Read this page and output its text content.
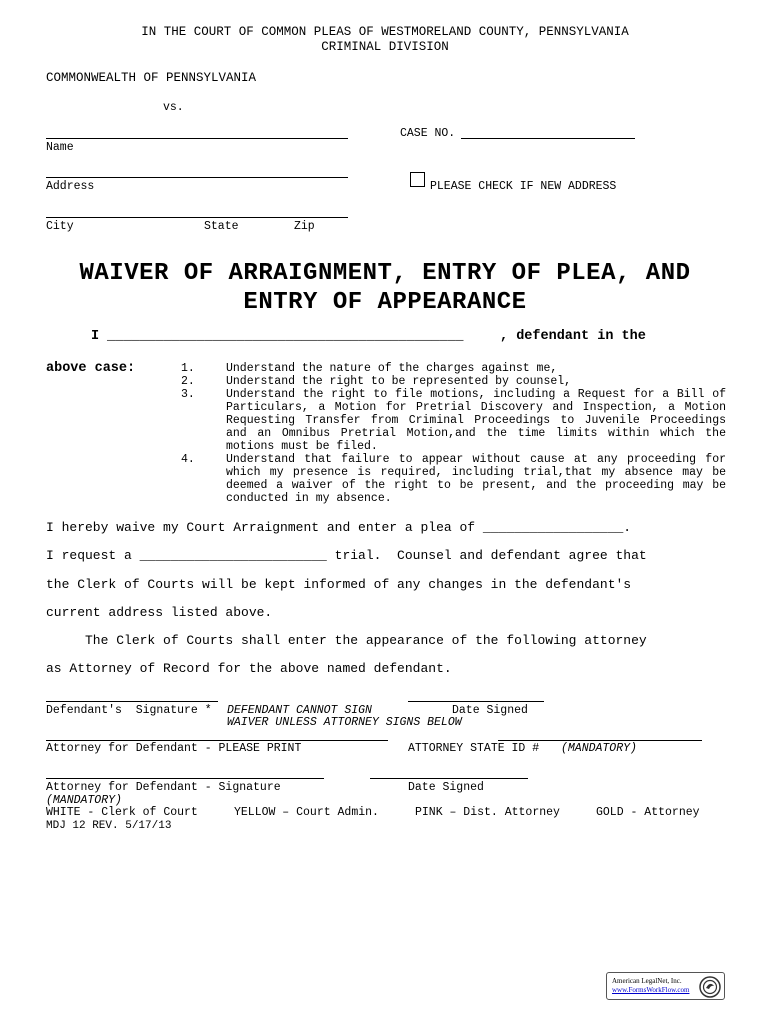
IN THE COURT OF COMMON PLEAS OF WESTMORELAND COUNTY, PENNSYLVANIA
CRIMINAL DIVISION
COMMONWEALTH OF PENNSYLVANIA
vs.
Name
CASE NO.
Address	PLEASE CHECK IF NEW ADDRESS
City	State	Zip
WAIVER OF ARRAIGNMENT, ENTRY OF PLEA, AND
ENTRY OF APPEARANCE
I ____________________________________________	, defendant in the
above case:	1.	Understand the nature of the charges against me,
2.	Understand the right to be represented by counsel,
3.	Understand the right to file motions, including a Request for a Bill of Particulars, a Motion for Pretrial Discovery and Inspection, a Motion Requesting Transfer from Criminal Proceedings to Juvenile Proceedings and an Omnibus Pretrial Motion,and the time limits within which the motions must be filed.
4.	Understand that failure to appear without cause at any proceeding for which my presence is required, including trial,that my absence may be deemed a waiver of the right to be present, and the proceeding may be conducted in my absence.
I hereby waive my Court Arraignment and enter a plea of __________________.
I request a ________________________ trial.  Counsel and defendant agree that
the Clerk of Courts will be kept informed of any changes in the defendant's
current address listed above.
The Clerk of Courts shall enter the appearance of the following attorney
as Attorney of Record for the above named defendant.
Defendant's  Signature * DEFENDANT CANNOT SIGN	Date Signed
WAIVER UNLESS ATTORNEY SIGNS BELOW
Attorney for Defendant - PLEASE PRINT	ATTORNEY STATE ID # (MANDATORY)
Attorney for Defendant - Signature	Date Signed
(MANDATORY)
WHITE - Clerk of Court	YELLOW – Court Admin.	PINK – Dist. Attorney	GOLD - Attorney
MDJ 12 REV. 5/17/13
American LegalNet, Inc.
www.FormsWorkFlow.com
